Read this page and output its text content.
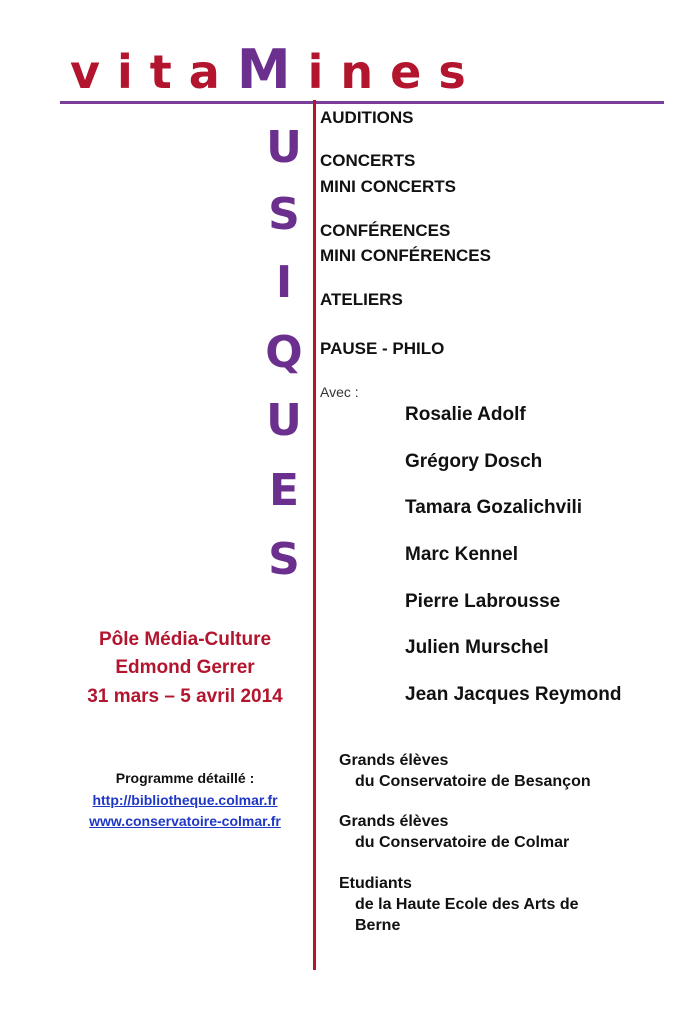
vitaMines
U
S
I
Q
U
E
S
AUDITIONS
CONCERTS
MINI CONCERTS
CONFÉRENCES
MINI CONFÉRENCES
ATELIERS
PAUSE - PHILO
Avec :
Rosalie Adolf
Grégory Dosch
Tamara Gozalichvili
Marc Kennel
Pierre Labrousse
Julien Murschel
Jean Jacques Reymond
Pôle Média-Culture
Edmond Gerrer
31 mars – 5 avril 2014
Programme détaillé :
http://bibliotheque.colmar.fr
www.conservatoire-colmar.fr
Grands élèves
du Conservatoire de Besançon
Grands élèves
du Conservatoire de Colmar
Etudiants
de la Haute Ecole des Arts de
Berne
